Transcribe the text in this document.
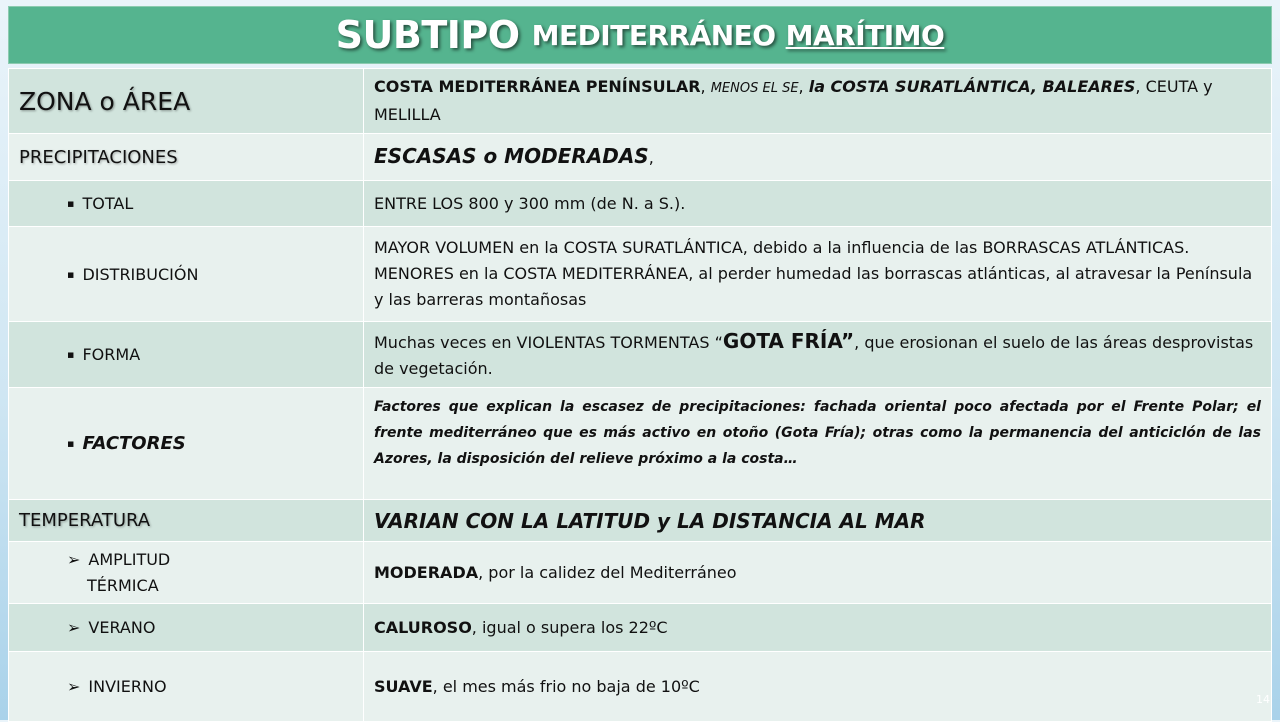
SUBTIPO MEDITERRÁNEO MARÍTIMO
ZONA o ÁREA	COSTA MEDITERRÁNEA PENÍNSULAR, MENOS EL SE, la COSTA SURATLÁNTICA, BALEARES, CEUTA y MELILLA
PRECIPITACIONES	ESCASAS o MODERADAS,
▪ TOTAL	ENTRE LOS 800 y 300 mm (de N. a S.).
▪ DISTRIBUCIÓN	MAYOR VOLUMEN en la COSTA SURATLÁNTICA, debido a la influencia de las BORRASCAS ATLÁNTICAS. MENORES en la COSTA MEDITERRÁNEA, al perder humedad las borrascas atlánticas, al atravesar la Península y las barreras montañosas
▪ FORMA	Muchas veces en VIOLENTAS TORMENTAS “GOTA FRÍA”, que erosionan el suelo de las áreas desprovistas de vegetación.
▪ FACTORES	Factores que explican la escasez de precipitaciones: fachada oriental poco afectada por el Frente Polar; el frente mediterráneo que es más activo en otoño (Gota Fría); otras como la permanencia del anticiclón de las Azores, la disposición del relieve próximo a la costa…
TEMPERATURA	VARIAN CON LA LATITUD y LA DISTANCIA AL MAR
➢ AMPLITUD
TÉRMICA	MODERADA, por la calidez del Mediterráneo
➢ VERANO	CALUROSO, igual o supera los 22ºC
➢ INVIERNO	SUAVE, el mes más frio no baja de 10ºC
14
